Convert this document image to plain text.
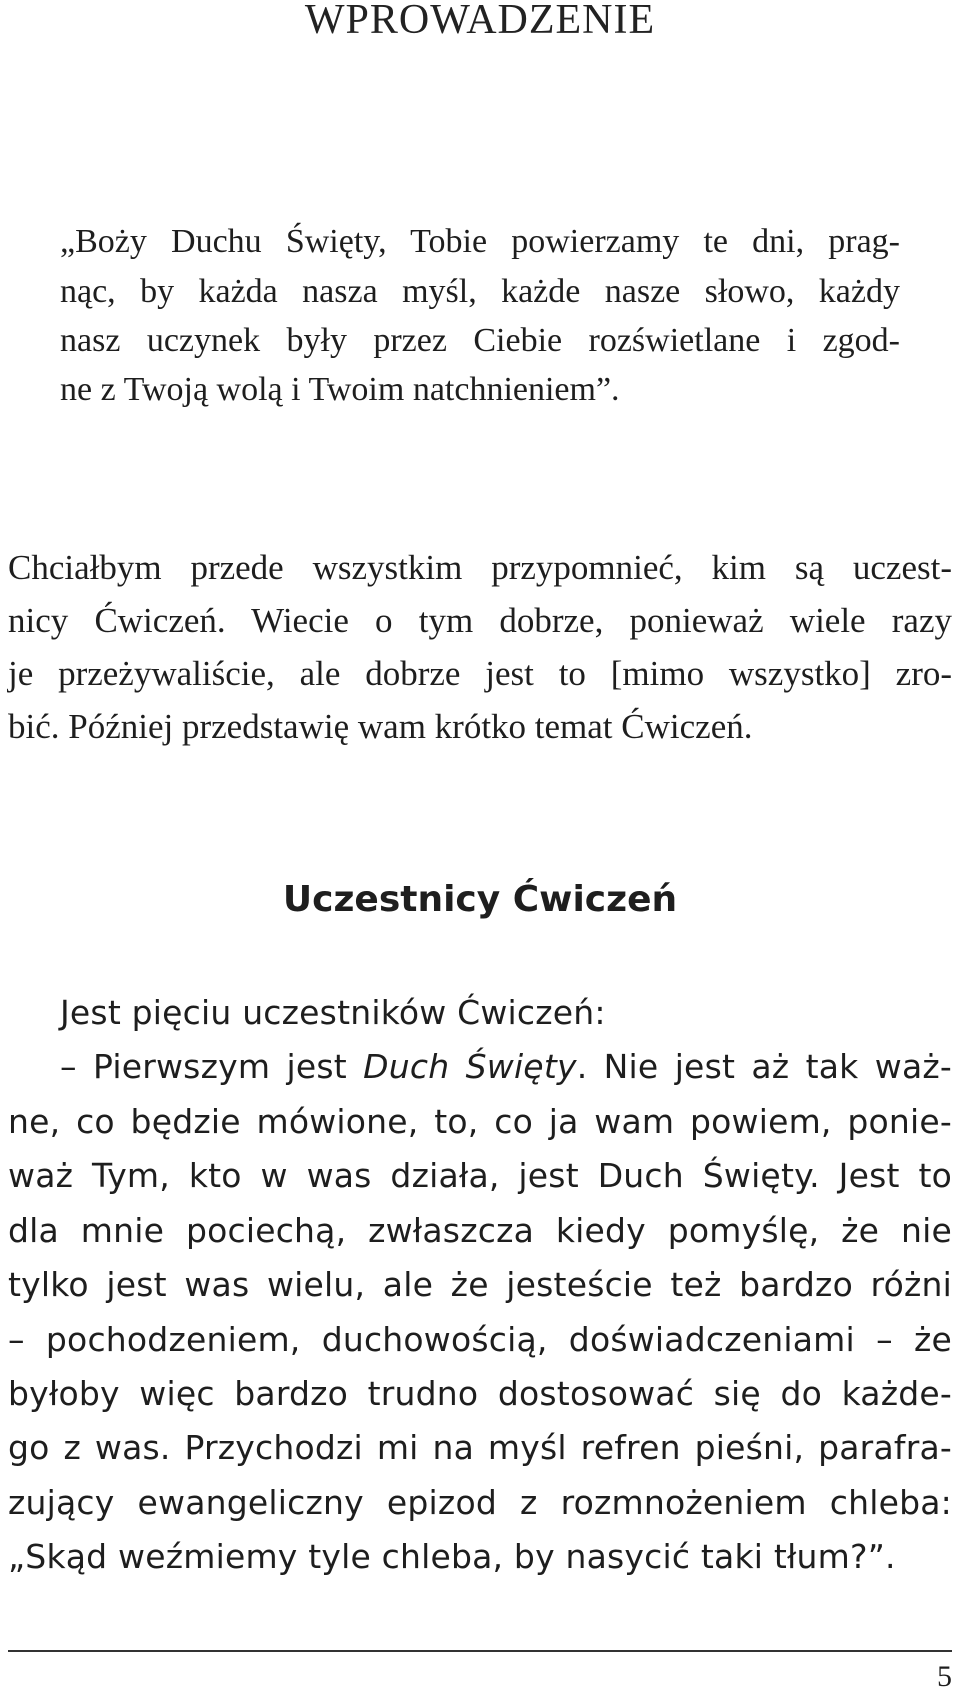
WPROWADZENIE
„Boży Duchu Święty, Tobie powierzamy te dni, prag-
nąc, by każda nasza myśl, każde nasze słowo, każdy
nasz uczynek były przez Ciebie rozświetlane i zgod-
ne z Twoją wolą i Twoim natchnieniem”.
Chciałbym przede wszystkim przypomnieć, kim są uczest-
nicy Ćwiczeń. Wiecie o tym dobrze, ponieważ wiele razy
je przeżywaliście, ale dobrze jest to [mimo wszystko] zro-
bić. Później przedstawię wam krótko temat Ćwiczeń.
Uczestnicy Ćwiczeń
Jest pięciu uczestników Ćwiczeń:
– Pierwszym jest Duch Święty. Nie jest aż tak waż-
ne, co będzie mówione, to, co ja wam powiem, ponie-
waż Tym, kto w was działa, jest Duch Święty. Jest to
dla mnie pociechą, zwłaszcza kiedy pomyślę, że nie
tylko jest was wielu, ale że jesteście też bardzo różni
– pochodzeniem, duchowością, doświadczeniami – że
byłoby więc bardzo trudno dostosować się do każde-
go z was. Przychodzi mi na myśl refren pieśni, parafra-
zujący ewangeliczny epizod z rozmnożeniem chleba:
„Skąd weźmiemy tyle chleba, by nasycić taki tłum?”.
5
